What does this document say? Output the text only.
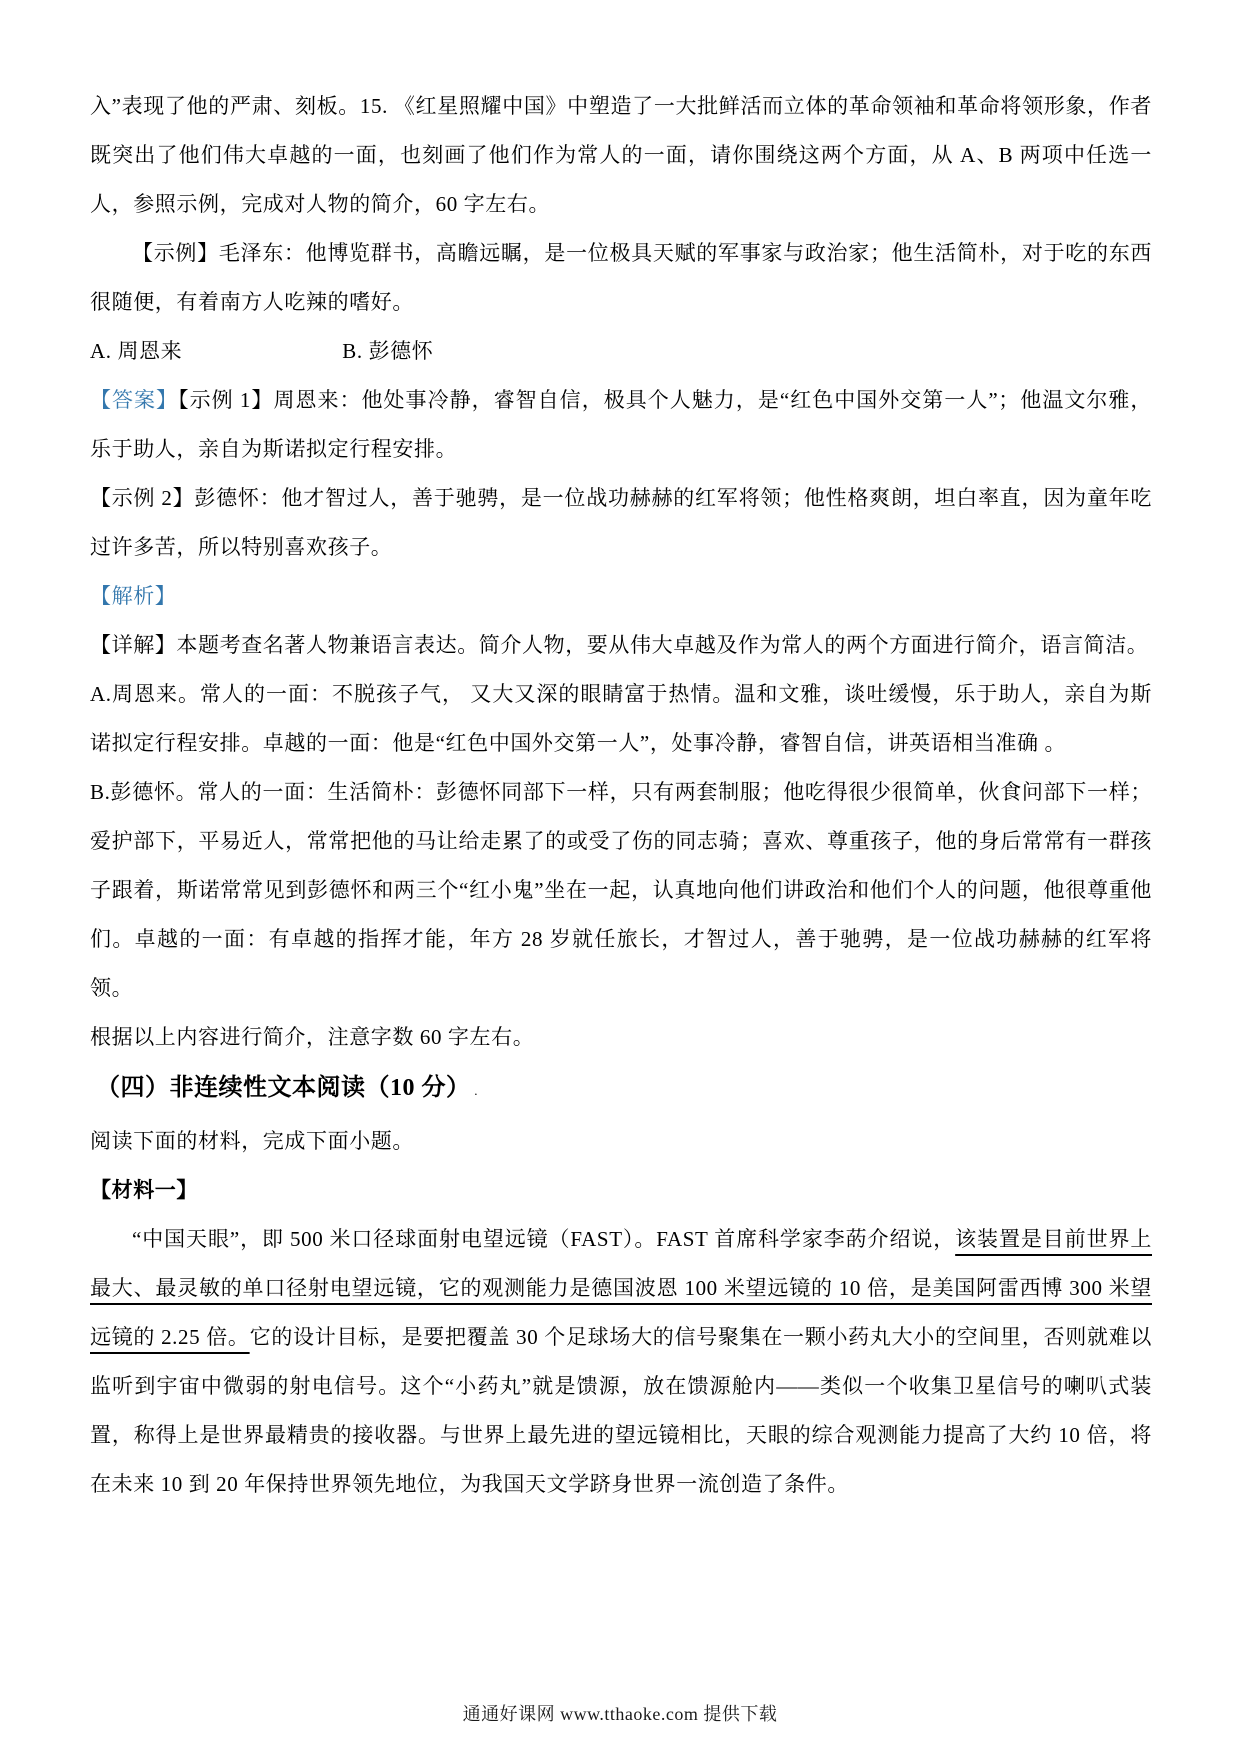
入”表现了他的严肃、刻板。15. 《红星照耀中国》中塑造了一大批鲜活而立体的革命领袖和革命将领形象，作者既突出了他们伟大卓越的一面，也刻画了他们作为常人的一面，请你围绕这两个方面，从 A、B 两项中任选一人，参照示例，完成对人物的简介，60 字左右。

【示例】毛泽东：他博览群书，高瞻远瞩，是一位极具天赋的军事家与政治家；他生活简朴，对于吃的东西很随便，有着南方人吃辣的嗜好。

A. 周恩来	B. 彭德怀

【答案】【示例 1】周恩来：他处事冷静，睿智自信，极具个人魅力，是“红色中国外交第一人”；他温文尔雅，乐于助人，亲自为斯诺拟定行程安排。

【示例 2】彭德怀：他才智过人，善于驰骋，是一位战功赫赫的红军将领；他性格爽朗，坦白率直，因为童年吃过许多苦，所以特别喜欢孩子。

【解析】

【详解】本题考查名著人物兼语言表达。简介人物，要从伟大卓越及作为常人的两个方面进行简介，语言简洁。

A.周恩来。常人的一面：不脱孩子气， 又大又深的眼睛富于热情。温和文雅，谈吐缓慢，乐于助人，亲自为斯诺拟定行程安排。卓越的一面：他是“红色中国外交第一人”，处事冷静，睿智自信，讲英语相当准确 。

B.彭德怀。常人的一面：生活简朴：彭德怀同部下一样，只有两套制服；他吃得很少很简单，伙食问部下一样；爱护部下，平易近人，常常把他的马让给走累了的或受了伤的同志骑；喜欢、尊重孩子，他的身后常常有一群孩子跟着，斯诺常常见到彭德怀和两三个“红小鬼”坐在一起，认真地向他们讲政治和他们个人的问题，他很尊重他们。卓越的一面：有卓越的指挥才能，年方 28 岁就任旅长，才智过人，善于驰骋，是一位战功赫赫的红军将领。

根据以上内容进行简介，注意字数 60 字左右。

（四）非连续性文本阅读（10 分） .

阅读下面的材料，完成下面小题。

【材料一】

“中国天眼”，即 500 米口径球面射电望远镜（FAST）。FAST 首席科学家李菂介绍说，该装置是目前世界上最大、最灵敏的单口径射电望远镜，它的观测能力是德国波恩 100 米望远镜的 10 倍，是美国阿雷西博 300 米望远镜的 2.25 倍。它的设计目标，是要把覆盖 30 个足球场大的信号聚集在一颗小药丸大小的空间里，否则就难以监听到宇宙中微弱的射电信号。这个“小药丸”就是馈源，放在馈源舱内——类似一个收集卫星信号的喇叭式装置，称得上是世界最精贵的接收器。与世界上最先进的望远镜相比，天眼的综合观测能力提高了大约 10 倍，将在未来 10 到 20 年保持世界领先地位，为我国天文学跻身世界一流创造了条件。

通通好课网 www.tthaoke.com 提供下载
